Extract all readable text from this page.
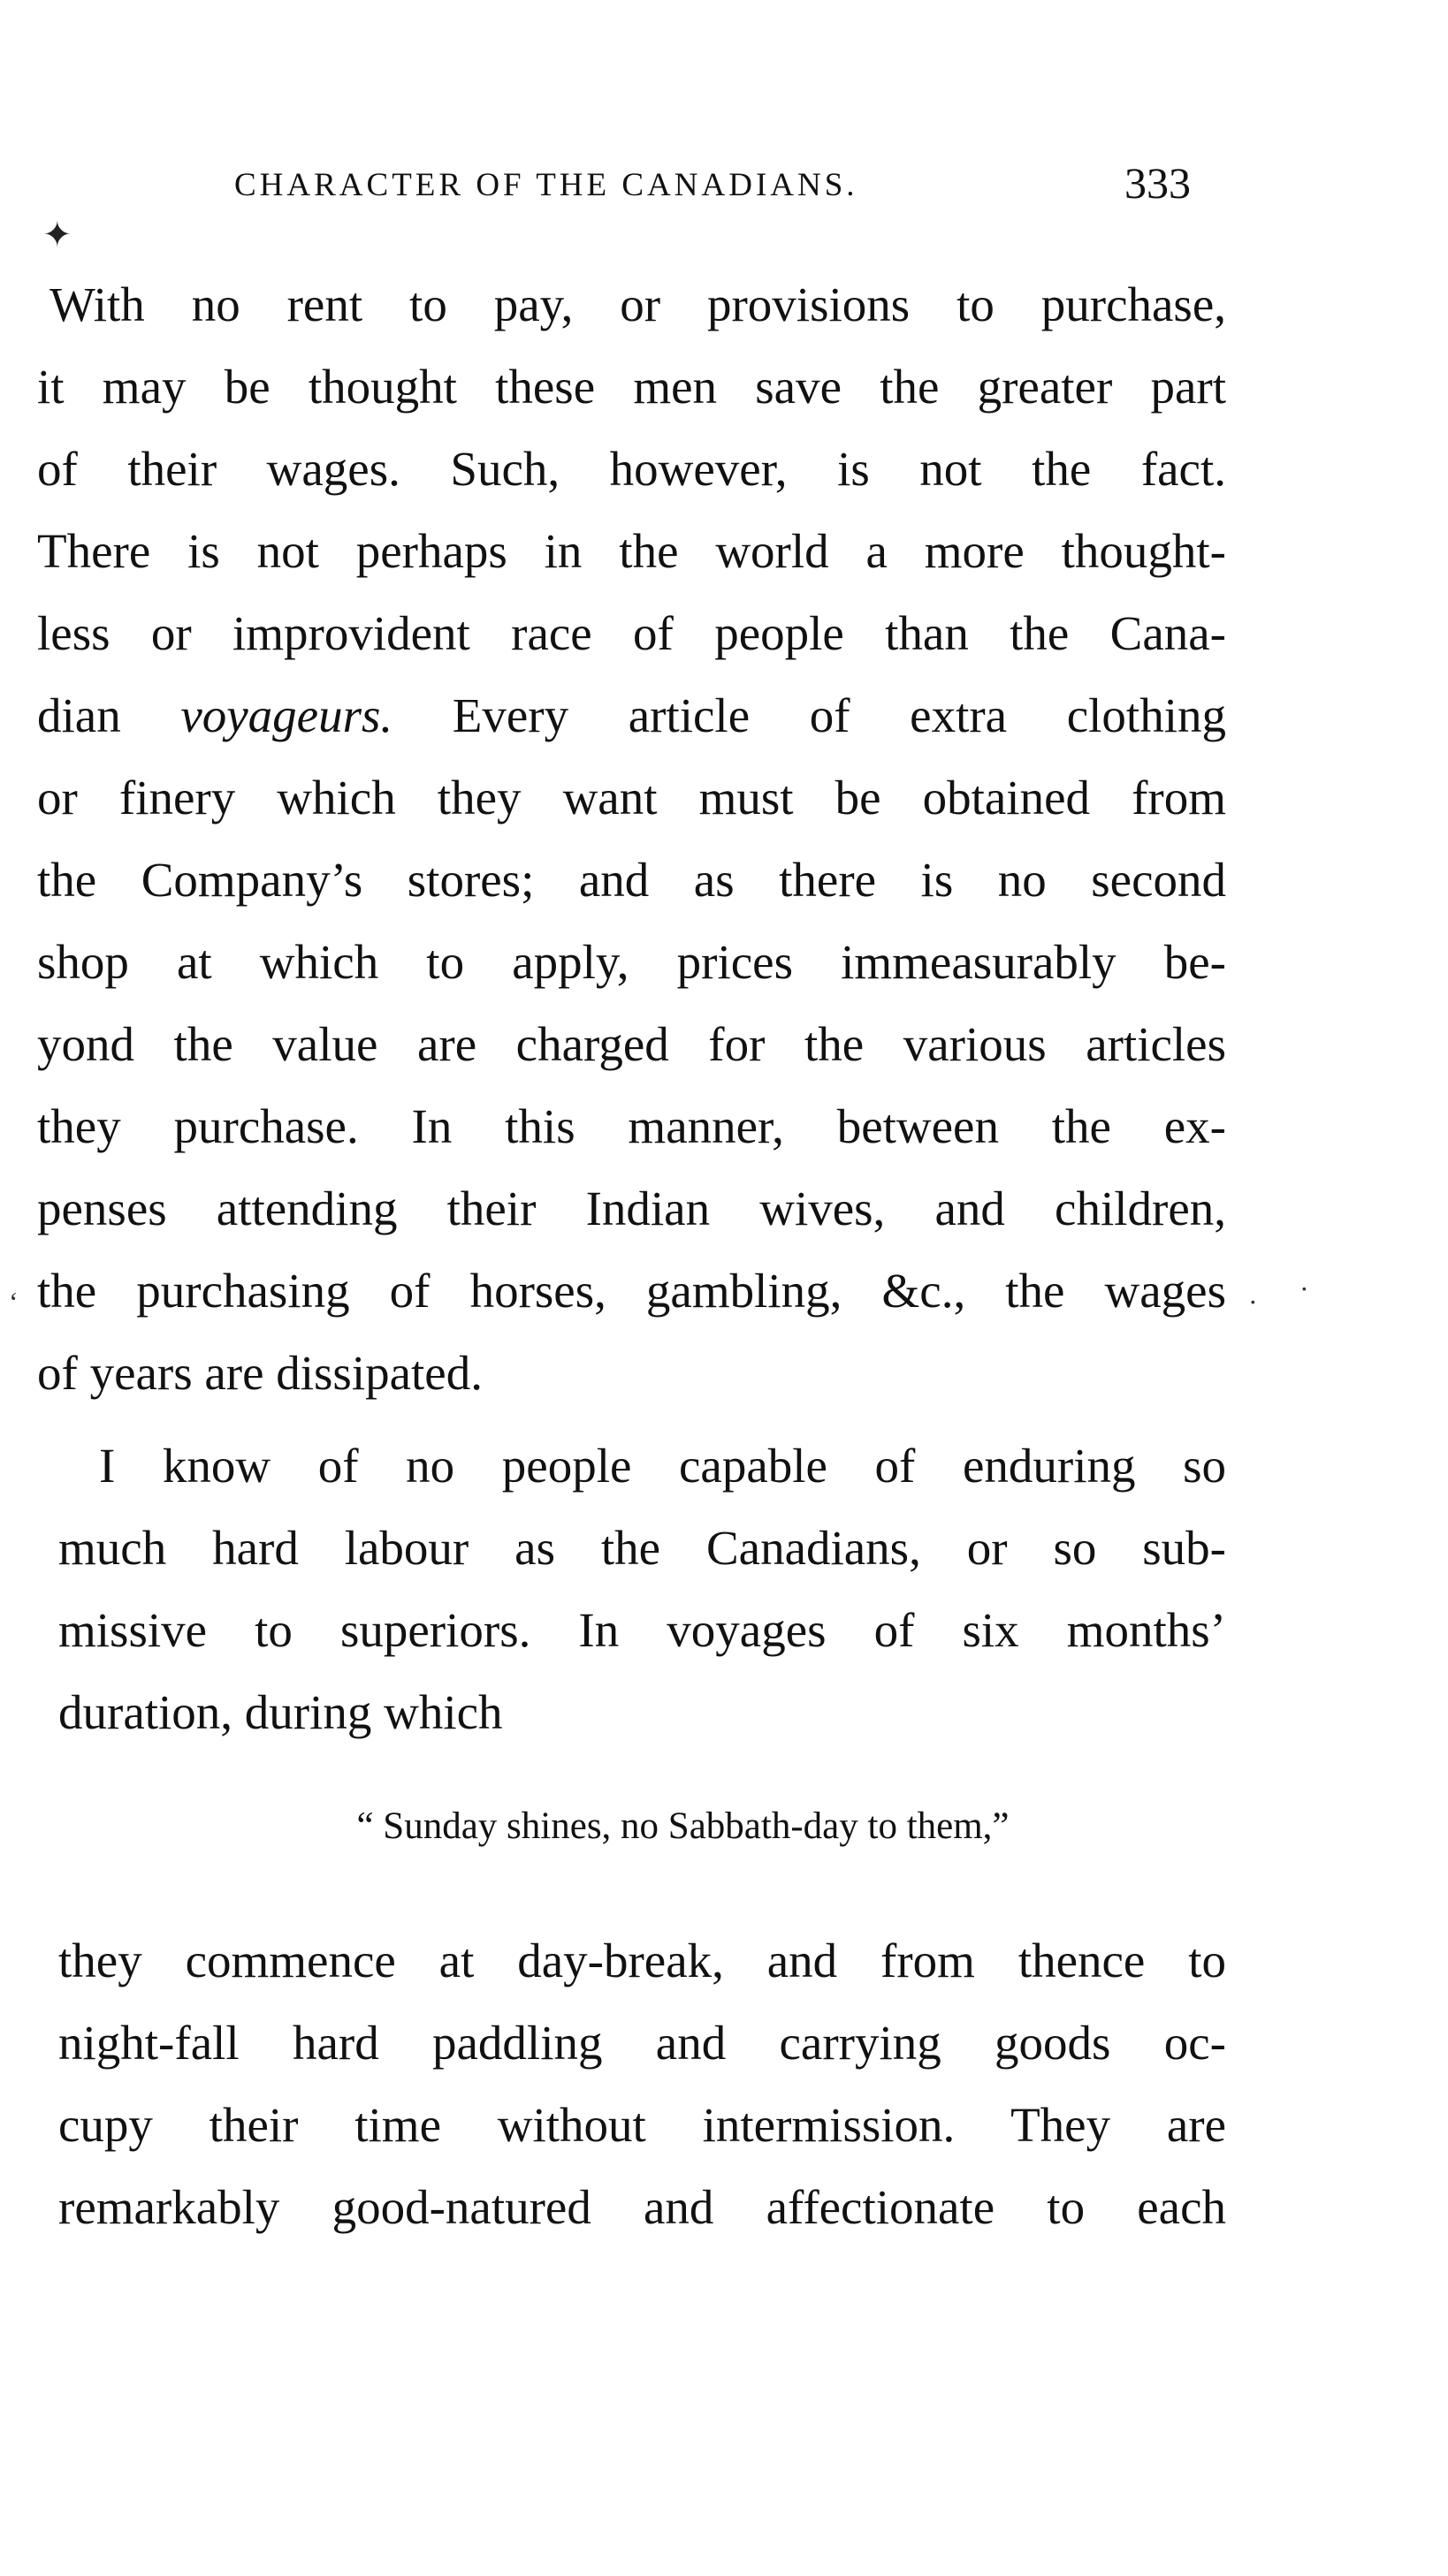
CHARACTER OF THE CANADIANS.	333
✦
With no rent to pay, or provisions to purchase,
it may be thought these men save the greater part
of their wages. Such, however, is not the fact.
There is not perhaps in the world a more thought-
less or improvident race of people than the Cana-
dian voyageurs. Every article of extra clothing
or finery which they want must be obtained from
the Company’s stores; and as there is no second
shop at which to apply, prices immeasurably be-
yond the value are charged for the various articles
they purchase. In this manner, between the ex-
penses attending their Indian wives, and children,
the purchasing of horses, gambling, &c., the wages
of years are dissipated.
I know of no people capable of enduring so
much hard labour as the Canadians, or so sub-
missive to superiors. In voyages of six months’
duration, during which
“ Sunday shines, no Sabbath-day to them,”
they commence at day-break, and from thence to
night-fall hard paddling and carrying goods oc-
cupy their time without intermission. They are
remarkably good-natured and affectionate to each
‘	· ·
